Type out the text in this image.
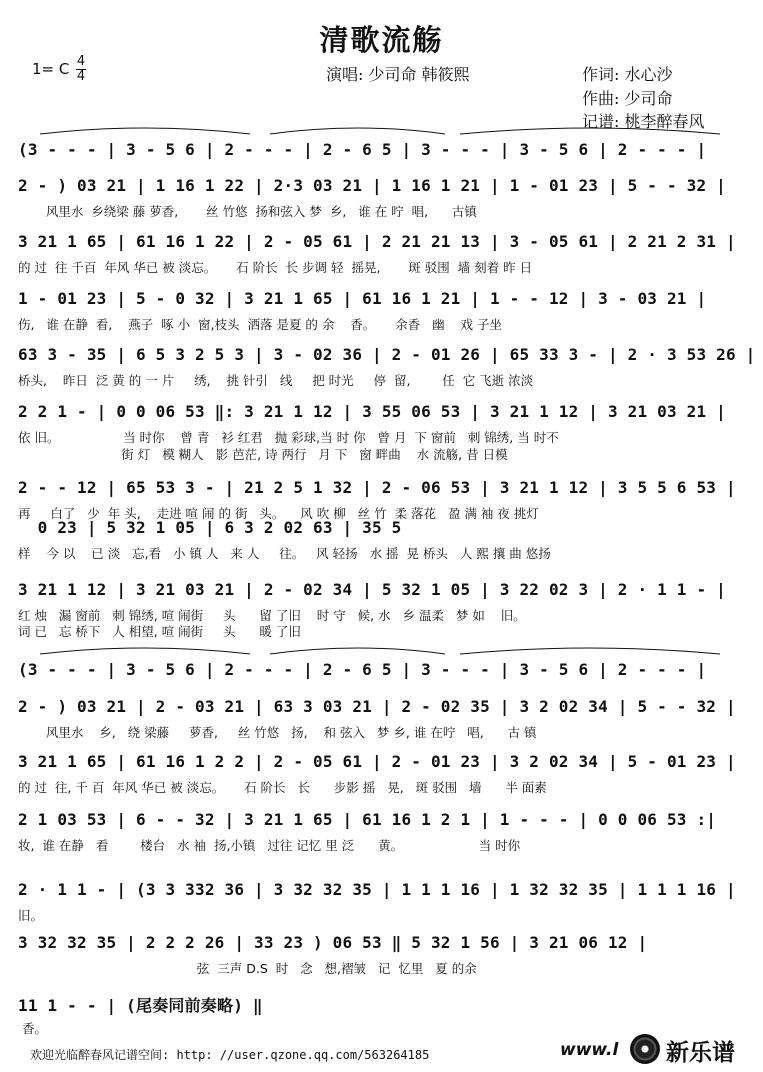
清歌流觞
1= C 4
4	演唱: 少司命 韩筱熙	作词: 水心沙
作曲: 少司命
记谱: 桃李醉春风
(3 - - - | 3 - 5 6 | 2 - - - | 2 - 6 5 | 3 - - - | 3 - 5 6 | 2 - - - |
2 - ) 03 21 | 1 16 1 22 | 2·3 03 21 | 1 16 1 21 | 1 - 01 23 | 5 - - 32 |
风里水  乡绕梁 藤 萝香,       丝 竹悠  扬和弦入 梦  乡,   谁 在 咛  唱,      古镇
3 21 1 65 | 61 16 1 22 | 2 - 05 61 | 2 21 21 13 | 3 - 05 61 | 2 21 2 31 |
的 过  往 千百  年风 华已 被 淡忘。     石 阶长  长 步调 轻  摇晃,       斑 驳围  墙 刻着 昨 日
1 - 01 23 | 5 - 0 32 | 3 21 1 65 | 61 16 1 21 | 1 - - 12 | 3 - 03 21 |
伤,   谁 在静  看,    燕子  啄 小  窗,枝头  洒落 是夏 的 余    香。     余香   幽    戏 子坐
63 3 - 35 | 6 5 3 2 5 3 | 3 - 02 36 | 2 - 01 26 | 65 33 3 - | 2 · 3 53 26 |
桥头,    昨日  泛 黄 的 一 片     绣,    挑 针引   线     把 时光     停  留,        任  它 飞逝 浓淡
2 2 1 - | 0 0 06 53 ‖: 3 21 1 12 | 3 55 06 53 | 3 21 1 12 | 3 21 03 21 |
依 旧。                当 时你    曾 青   衫 红君   抛 彩球,当 时 你   曾 月  下 窗前   刺 锦绣, 当 时不
街 灯   模 糊人   影 芭茫, 诗 两行   月 下   窗 畔曲    水 流觞, 昔 日模
2 - - 12 | 65 53 3 - | 21 2 5 1 32 | 2 - 06 53 | 3 21 1 12 | 3 5 5 6 53 |
再     白了   少  年 头,    走进 喧 闹 的 街   头。    风 吹 柳   丝 竹  柔 落花   盈 满 袖 夜 挑灯
0 23 | 5 32 1 05 | 6 3 2 02 63 | 35 5
样    今 以    已 淡   忘,看   小 镇 人   来 人     往。   风 轻扬   水 摇  晃 桥头   人 熙 攘 曲 悠扬
3 21 1 12 | 3 21 03 21 | 2 - 02 34 | 5 32 1 05 | 3 22 02 3 | 2 · 1 1 - |
红 烛   漏 窗前   刺 锦绣, 喧 闹街     头      留 了旧    时 守   候, 水   乡 温柔   梦 如    旧。
词 已   忘 桥下   人 相望, 喧 闹街     头      暖 了旧
(3 - - - | 3 - 5 6 | 2 - - - | 2 - 6 5 | 3 - - - | 3 - 5 6 | 2 - - - |
2 - ) 03 21 | 2 - 03 21 | 63 3 03 21 | 2 - 02 35 | 3 2 02 34 | 5 - - 32 |
风里水    乡,   绕 梁藤     萝香,     丝 竹悠   扬,    和 弦入   梦 乡, 谁 在咛   唱,      古 镇
3 21 1 65 | 61 16 1 2 2 | 2 - 05 61 | 2 - 01 23 | 3 2 02 34 | 5 - 01 23 |
的 过  往, 千 百  年风 华已 被 淡忘。     石 阶长   长      步影 摇   晃,   斑 驳围   墙      半 面素
2 1 03 53 | 6 - - 32 | 3 21 1 65 | 61 16 1 2 1 | 1 - - - | 0 0 06 53 :|
妆,  谁 在静   看        楼台   水 袖  扬,小镇   过往 记忆 里 泛      黄。                   当 时你
2 · 1 1 - | (3 3 332 36 | 3 32 32 35 | 1 1 1 16 | 1 32 32 35 | 1 1 1 16 |
旧。
3 32 32 35 | 2 2 2 26 | 33 23 ) 06 53 ‖ 5 32 1 56 | 3 21 06 12 |
弦  三声 D.S  时   念   想,褶皱   记  忆里   夏 的余
11 1 - - | (尾奏同前奏略) ‖
香。
欢迎光临醉春风记谱空间: http: //user.qzone.qq.com/563264185	www.l 新乐谱
